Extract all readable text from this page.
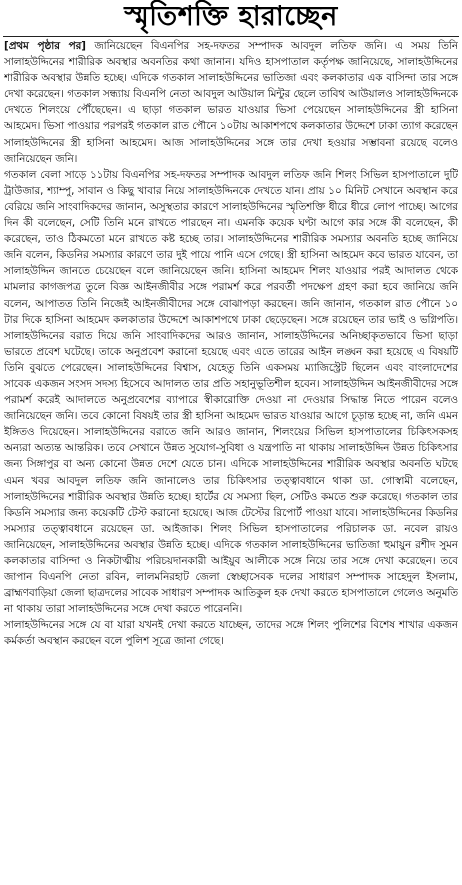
স্মৃতিশক্তি হারাচ্ছেন

[প্রথম পৃষ্ঠার পর] জানিয়েছেন বিএনপির সহ-দফতর সম্পাদক আবদুল লতিফ জনি। এ সময় তিনি সালাহউদ্দিনের শারীরিক অবস্থার অবনতির কথা জানান। যদিও হাসপাতাল কর্তৃপক্ষ জানিয়েছে, সালাহউদ্দিনের শারীরিক অবস্থার উন্নতি হচ্ছে। এদিকে গতকাল সালাহউদ্দিনের ভাতিজা এবং কলকাতার এক বাসিন্দা তার সঙ্গে দেখা করেছেন। গতকাল সন্ধ্যায় বিএনপি নেতা আবদুল আউয়াল মিন্টুর ছেলে তাবিথ আউয়ালও সালাহউদ্দিনকে দেখতে শিলংয়ে পৌঁছেছেন। এ ছাড়া গতকাল ভারত যাওয়ার ভিসা পেয়েছেন সালাহউদ্দিনের স্ত্রী হাসিনা আহমেদ। ভিসা পাওয়ার পরপরই গতকাল রাত পৌনে ১০টায় আকাশপথে কলকাতার উদ্দেশে ঢাকা ত্যাগ করেছেন সালাহউদ্দিনের স্ত্রী হাসিনা আহমেদ। আজ সালাহউদ্দিনের সঙ্গে তার দেখা হওয়ার সম্ভাবনা রয়েছে বলেও জানিয়েছেন জনি।

গতকাল বেলা সাড়ে ১১টায় বিএনপির সহ-দফতর সম্পাদক আবদুল লতিফ জনি শিলং সিভিল হাসপাতালে দুটি ট্রাউজার, শ্যাম্পু, সাবান ও কিছু খাবার নিয়ে সালাহউদ্দিনকে দেখতে যান। প্রায় ১০ মিনিট সেখানে অবস্থান করে বেরিয়ে জনি সাংবাদিকদের জানান, অসুস্থতার কারণে সালাহউদ্দিনের স্মৃতিশক্তি ধীরে ধীরে লোপ পাচ্ছে। আগের দিন কী বলেছেন, সেটি তিনি মনে রাখতে পারছেন না। এমনকি কয়েক ঘণ্টা আগে কার সঙ্গে কী বলেছেন, কী করেছেন, তাও ঠিকমতো মনে রাখতে কষ্ট হচ্ছে তার। সালাহউদ্দিনের শারীরিক সমস্যার অবনতি হচ্ছে জানিয়ে জনি বলেন, কিডনির সমস্যার কারণে তার দুই পায়ে পানি এসে গেছে। স্ত্রী হাসিনা আহমেদ কবে ভারত যাবেন, তা সালাহউদ্দিন জানতে চেয়েছেন বলে জানিয়েছেন জনি। হাসিনা আহমেদ শিলং যাওয়ার পরই আদালত থেকে মামলার কাগজপত্র তুলে বিজ্ঞ আইনজীবীর সঙ্গে পরামর্শ করে পরবর্তী পদক্ষেপ গ্রহণ করা হবে জানিয়ে জনি বলেন, আপাতত তিনি নিজেই আইনজীবীদের সঙ্গে বোঝাপড়া করছেন। জনি জানান, গতকাল রাত পৌনে ১০ টার দিকে হাসিনা আহমেদ কলকাতার উদ্দেশে আকাশপথে ঢাকা ছেড়েছেন। সঙ্গে রয়েছেন তার ভাই ও ভগ্নিপতি। সালাহউদ্দিনের বরাত দিয়ে জনি সাংবাদিকদের আরও জানান, সালাহউদ্দিনের অনিচ্ছাকৃতভাবে ভিসা ছাড়া ভারতে প্রবেশ ঘটেছে। তাকে অনুপ্রবেশ করানো হয়েছে এবং এতে তারের আইন লঙ্ঘন করা হয়েছে এ বিষয়টি তিনি বুঝতে পেরেছেন। সালাহউদ্দিনের বিশ্বাস, যেহেতু তিনি একসময় ম্যাজিস্ট্রেট ছিলেন এবং বাংলাদেশের সাবেক একজন সংসদ সদস্য হিসেবে আদালত তার প্রতি সহানুভূতিশীল হবেন। সালাহউদ্দিন আইনজীবীদের সঙ্গে পরামর্শ করেই আদালতে অনুপ্রবেশের ব্যাপারে স্বীকারোক্তি দেওয়া না দেওয়ার সিদ্ধান্ত নিতে পারেন বলেও জানিয়েছেন জনি। তবে কোনো বিষয়ই তার স্ত্রী হাসিনা আহমেদ ভারত যাওয়ার আগে চূড়ান্ত হচ্ছে না, জনি এমন ইঙ্গিতও দিয়েছেন। সালাহউদ্দিনের বরাতে জনি আরও জানান, শিলংয়ের সিভিল হাসপাতালের চিকিৎসকসহ অন্যরা অত্যন্ত আন্তরিক। তবে সেখানে উন্নত সুযোগ-সুবিধা ও যন্ত্রপাতি না থাকায় সালাহউদ্দিন উন্নত চিকিৎসার জন্য সিঙ্গাপুর বা অন্য কোনো উন্নত দেশে যেতে চান। এদিকে সালাহউদ্দিনের শারীরিক অবস্থার অবনতি ঘটছে এমন খবর আবদুল লতিফ জনি জানালেও তার চিকিৎসার তত্ত্বাবধানে থাকা ডা. গোস্বামী বলেছেন, সালাহউদ্দিনের শারীরিক অবস্থার উন্নতি হচ্ছে। হার্টের যে সমস্যা ছিল, সেটিও কমতে শুরু করেছে। গতকাল তার কিডনি সমস্যার জন্য কয়েকটি টেস্ট করানো হয়েছে। আজ টেস্টের রিপোর্ট পাওয়া যাবে। সালাহউদ্দিনের কিডনির সমস্যার তত্ত্বাবধানে রয়েছেন ডা. আইজাক। শিলং সিভিল হাসপাতালের পরিচালক ডা. নবেল রায়ও জানিয়েছেন, সালাহউদ্দিনের অবস্থার উন্নতি হচ্ছে। এদিকে গতকাল সালাহউদ্দিনের ভাতিজা হুমায়ুন রশীদ সুমন কলকাতার বাসিন্দা ও নিকটাত্মীয় পরিচয়দানকারী আইয়ুব আলীকে সঙ্গে নিয়ে তার সঙ্গে দেখা করেছেন। তবে জাপান বিএনপি নেতা রবিন, লালমনিরহাট জেলা স্বেচ্ছাসেবক দলের সাধারণ সম্পাদক সাহেদুল ইসলাম, ব্রাহ্মণবাড়িয়া জেলা ছাত্রদলের সাবেক সাধারণ সম্পাদক আতিকুল হক দেখা করতে হাসপাতালে গেলেও অনুমতি না থাকায় তারা সালাহউদ্দিনের সঙ্গে দেখা করতে পারেননি।

সালাহউদ্দিনের সঙ্গে যে বা যারা যখনই দেখা করতে যাচ্ছেন, তাদের সঙ্গে শিলং পুলিশের বিশেষ শাখার একজন কর্মকর্তা অবস্থান করছেন বলে পুলিশ সূত্রে জানা গেছে।
